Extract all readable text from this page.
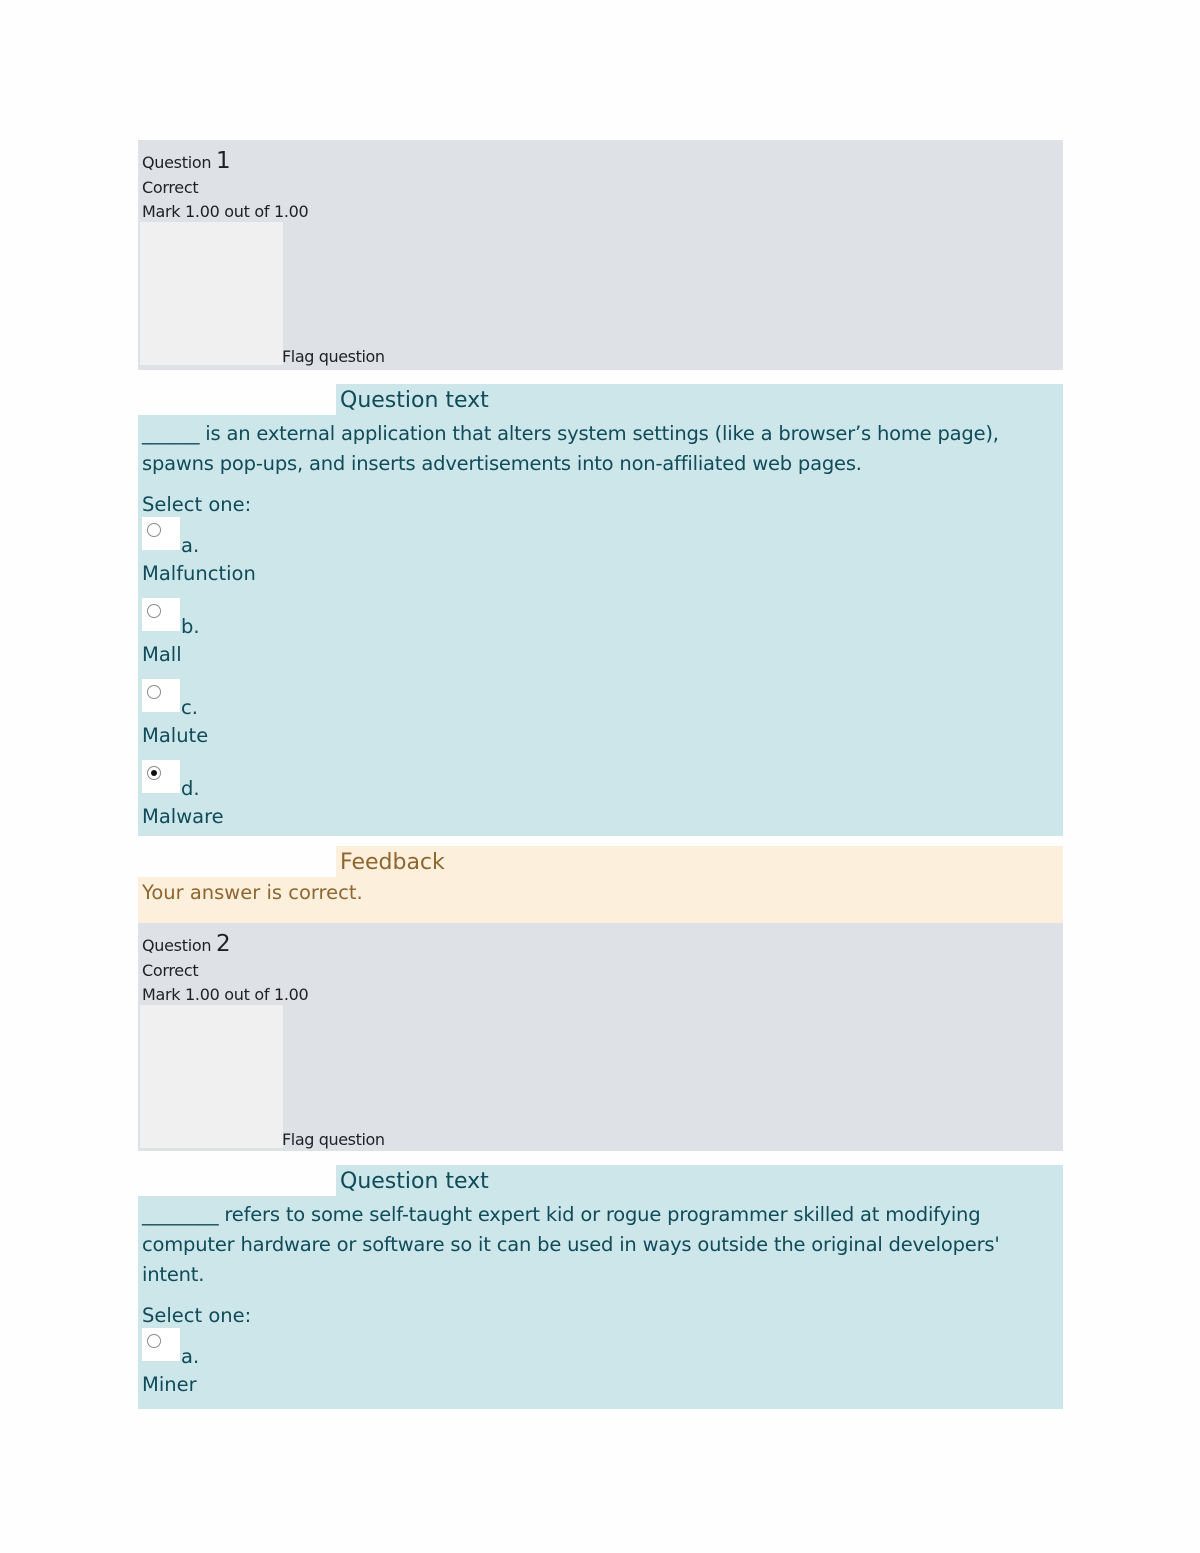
Question 1
Correct
Mark 1.00 out of 1.00
Flag question
Question text
______ is an external application that alters system settings (like a browser’s home page), spawns pop-ups, and inserts advertisements into non-affiliated web pages.
Select one:
a.
Malfunction
b.
Mall
c.
Malute
d.
Malware
Feedback
Your answer is correct.
Question 2
Correct
Mark 1.00 out of 1.00
Flag question
Question text
________ refers to some self-taught expert kid or rogue programmer skilled at modifying computer hardware or software so it can be used in ways outside the original developers' intent.
Select one:
a.
Miner
